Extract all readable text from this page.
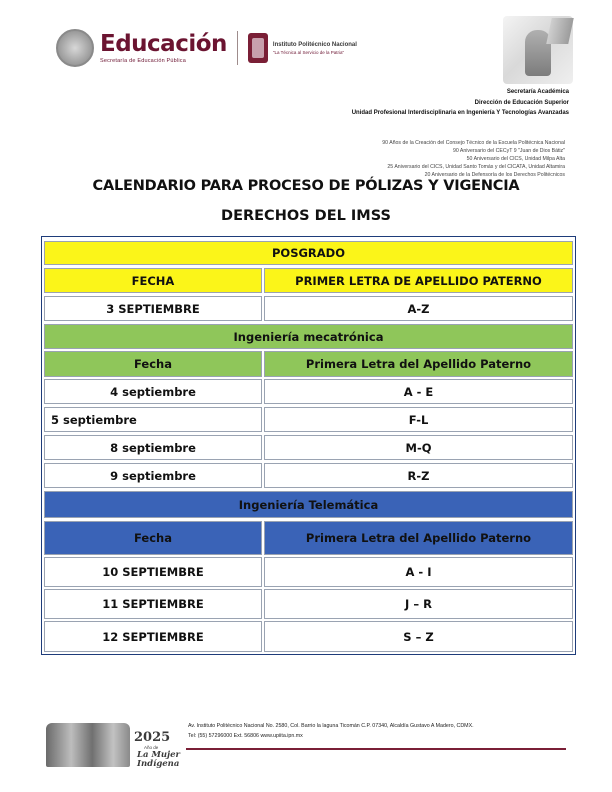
Educación
Secretaría de Educación Pública
Instituto Politécnico Nacional
"La Técnica al Servicio de la Patria"
Secretaría Académica
Dirección de Educación Superior
Unidad Profesional Interdisciplinaria en Ingeniería Y Tecnologías Avanzadas
90 Años de la Creación del Consejo Técnico de la Escuela Politécnica Nacional
90 Aniversario del CECyT 9 "Juan de Dios Bátiz"
50 Aniversario del CICS, Unidad Milpa Alta
25 Aniversario del CICS, Unidad Santo Tomás y del CICATA, Unidad Altamira
20 Aniversario de la Defensoría de los Derechos Politécnicos
CALENDARIO PARA PROCESO DE PÓLIZAS Y VIGENCIA
DERECHOS DEL IMSS
POSGRADO
FECHA	PRIMER LETRA DE APELLIDO PATERNO
3 SEPTIEMBRE	A-Z
Ingeniería mecatrónica
Fecha	Primera Letra del Apellido Paterno
4 septiembre	A - E
5 septiembre	F-L
8 septiembre	M-Q
9 septiembre	R-Z
Ingeniería Telemática
Fecha	Primera Letra del Apellido Paterno
10 SEPTIEMBRE	A - I
11 SEPTIEMBRE	J – R
12 SEPTIEMBRE	S – Z
2025
Año de
La Mujer
Indígena
Av. Instituto Politécnico Nacional No. 2580, Col. Barrio la laguna Ticomán C.P. 07340, Alcaldía Gustavo A Madero, CDMX.
Tel: (55) 57296000 Ext. 56806 www.upiita.ipn.mx
